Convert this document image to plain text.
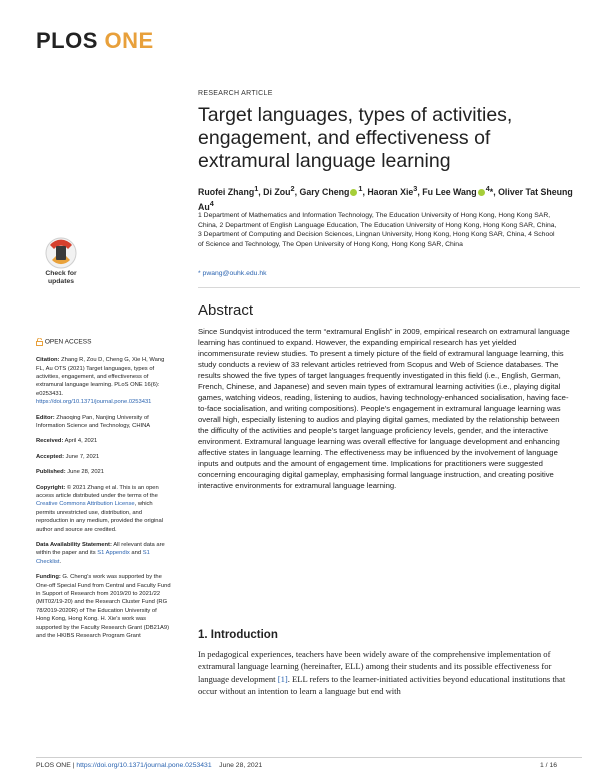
PLOS ONE
RESEARCH ARTICLE
Target languages, types of activities, engagement, and effectiveness of extramural language learning
Ruofei Zhang$^1$, Di Zou$^2$, Gary Cheng $^1$, Haoran Xie$^3$, Fu Lee Wang $^4$*, Oliver Tat Sheung Au$^4$
1 Department of Mathematics and Information Technology, The Education University of Hong Kong, Hong Kong SAR, China, 2 Department of English Language Education, The Education University of Hong Kong, Hong Kong SAR, China, 3 Department of Computing and Decision Sciences, Lingnan University, Hong Kong, Hong Kong SAR, China, 4 School of Science and Technology, The Open University of Hong Kong, Hong Kong SAR, China
* pwang@ouhk.edu.hk
Check for
updates

OPEN ACCESS

Citation: Zhang R, Zou D, Cheng G, Xie H, Wang FL, Au OTS (2021) Target languages, types of activities, engagement, and effectiveness of extramural language learning. PLoS ONE 16(6): e0253431. https://doi.org/10.1371/journal.pone.0253431

Editor: Zhaoqing Pan, Nanjing University of Information Science and Technology, CHINA

Received: April 4, 2021

Accepted: June 7, 2021

Published: June 28, 2021

Copyright: © 2021 Zhang et al. This is an open access article distributed under the terms of the Creative Commons Attribution License, which permits unrestricted use, distribution, and reproduction in any medium, provided the original author and source are credited.

Data Availability Statement: All relevant data are within the paper and its S1 Appendix and S1 Checklist.

Funding: G. Cheng's work was supported by the One-off Special Fund from Central and Faculty Fund in Support of Research from 2019/20 to 2021/22 (MIT02/19-20) and the Research Cluster Fund (RG 78/2019-2020R) of The Education University of Hong Kong, Hong Kong. H. Xie's work was supported by the Faculty Research Grant (DB21A9) and the HKIBS Research Program Grant

Abstract
Since Sundqvist introduced the term “extramural English” in 2009, empirical research on extramural language learning has continued to expand. However, the expanding empirical research has yet yielded incommensurate review studies. To present a timely picture of the field of extramural language learning, this study conducts a review of 33 relevant articles retrieved from Scopus and Web of Science databases. The results showed the five types of target languages frequently investigated in this field (i.e., English, German, French, Chinese, and Japanese) and seven main types of extramural learning activities (i.e., playing digital games, watching videos, reading, listening to audios, having technology-enhanced socialisation, having face-to-face socialisation, and writing compositions). People’s engagement in extramural language learning was overall high, especially listening to audios and playing digital games, mediated by the relationship between the difficulty of the activities and people’s target language proficiency levels, gender, and the interactive environment. Extramural language learning was overall effective for language development and enhancing affective states in language learning. The effectiveness may be influenced by the involvement of language inputs and outputs and the amount of engagement time. Implications for practitioners were suggested concerning encouraging digital gameplay, emphasising formal language instruction, and creating positive interactive environments for extramural language learning.
1. Introduction
In pedagogical experiences, teachers have been widely aware of the comprehensive implementation of extramural language learning (hereinafter, ELL) among their students and its possible effectiveness for language development [1]. ELL refers to the learner-initiated activities beyond educational institutions that occur without an intention to learn a language but end with
PLOS ONE | https://doi.org/10.1371/journal.pone.0253431 June 28, 2021	1 / 16
